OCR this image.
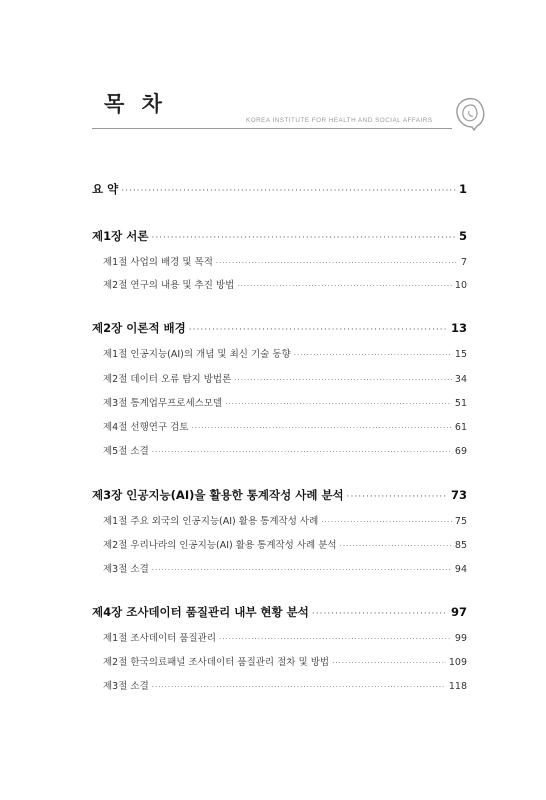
목 차
KOREA INSTITUTE FOR HEALTH AND SOCIAL AFFAIRS
요 약 ·····	1
제1장 서론 ·····	5
제1절 사업의 배경 및 목적 ·····	7
제2절 연구의 내용 및 추진 방법 ·····	10
제2장 이론적 배경 ·····	13
제1절 인공지능(AI)의 개념 및 최신 기술 동향 ·····	15
제2절 데이터 오류 탐지 방법론 ·····	34
제3절 통계업무프로세스모델 ·····	51
제4절 선행연구 검토 ·····	61
제5절 소결 ·····	69
제3장 인공지능(AI)을 활용한 통계작성 사례 분석 ·····	73
제1절 주요 외국의 인공지능(AI) 활용 통계작성 사례 ·····	75
제2절 우리나라의 인공지능(AI) 활용 통계작성 사례 분석 ·····	85
제3절 소결 ·····	94
제4장 조사데이터 품질관리 내부 현황 분석 ·····	97
제1절 조사데이터 품질관리 ·····	99
제2절 한국의료패널 조사데이터 품질관리 절차 및 방법 ·····	109
제3절 소결 ·····	118
